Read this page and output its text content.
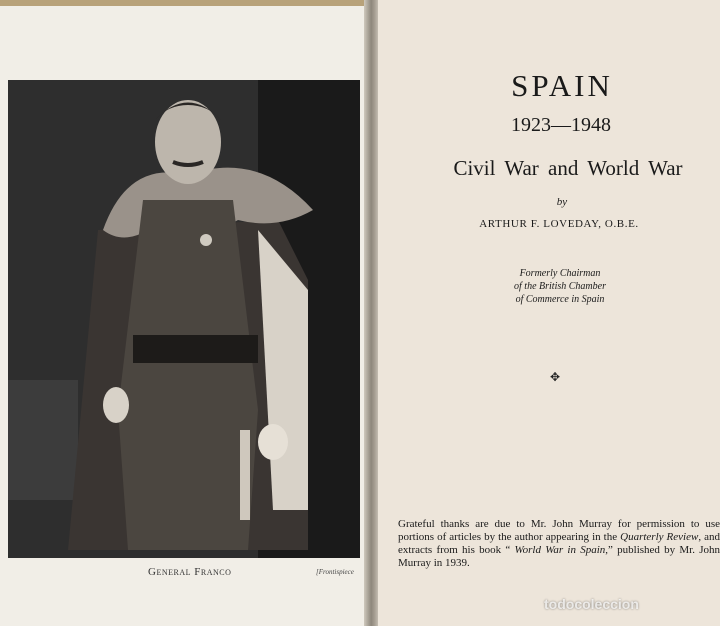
General Franco	[Frontispiece
SPAIN
1923—1948
Civil War and World War
by
ARTHUR F. LOVEDAY, O.B.E.
Formerly Chairman
of the British Chamber
of Commerce in Spain
✥
Grateful thanks are due to Mr. John Murray for permission to use portions of articles by the author appearing in the Quarterly Review, and extracts from his book “ World War in Spain,” published by Mr. John Murray in 1939.
todocoleccion
